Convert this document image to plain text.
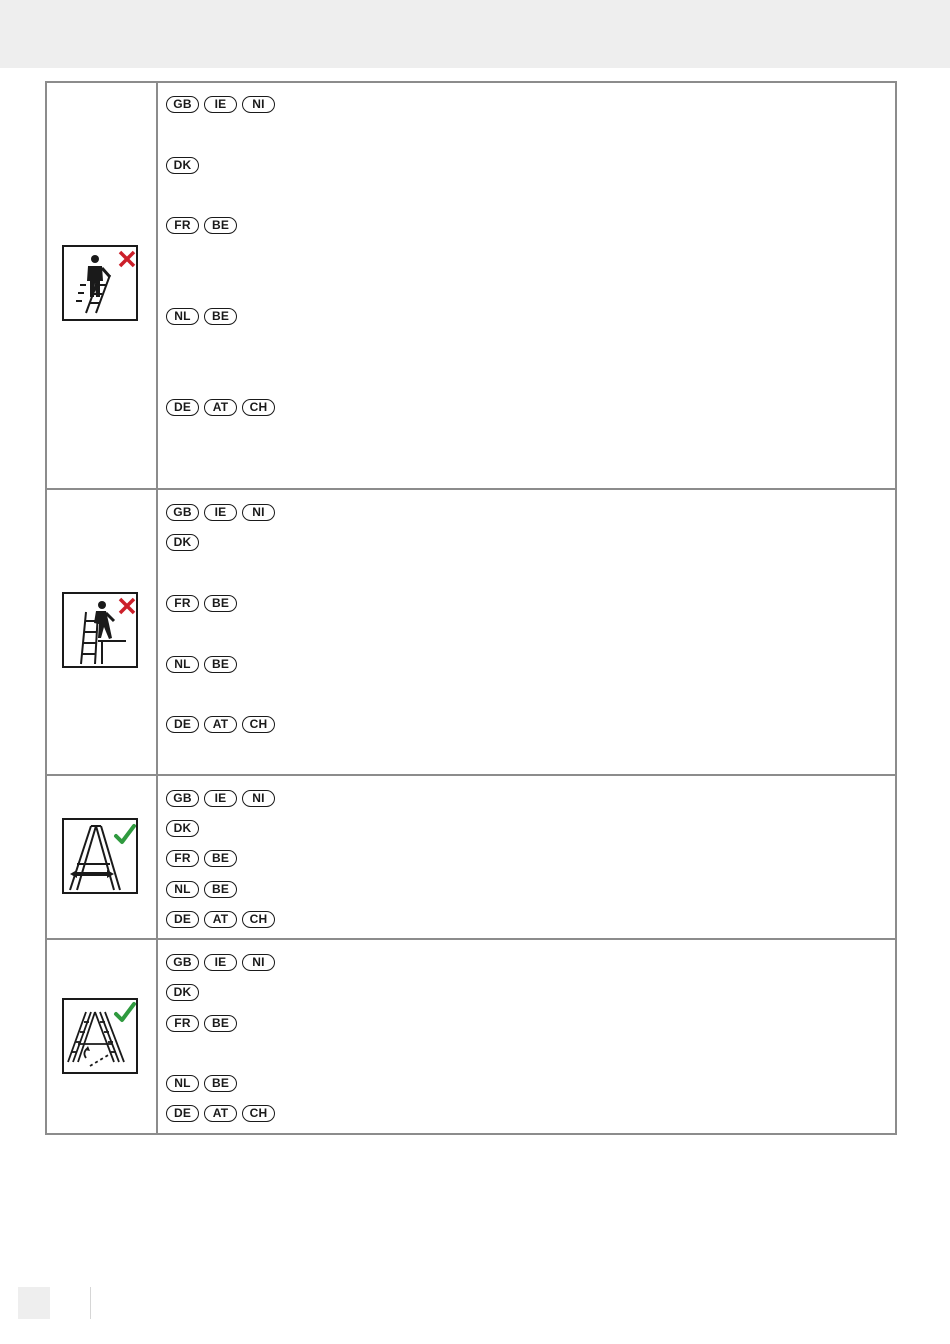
GB	IE	NI
DK
FR	BE
NL	BE
DE	AT	CH
GB	IE	NI
DK
FR	BE
NL	BE
DE	AT	CH
GB	IE	NI
DK
FR	BE
NL	BE
DE	AT	CH
GB	IE	NI
DK
FR	BE
NL	BE
DE	AT	CH
